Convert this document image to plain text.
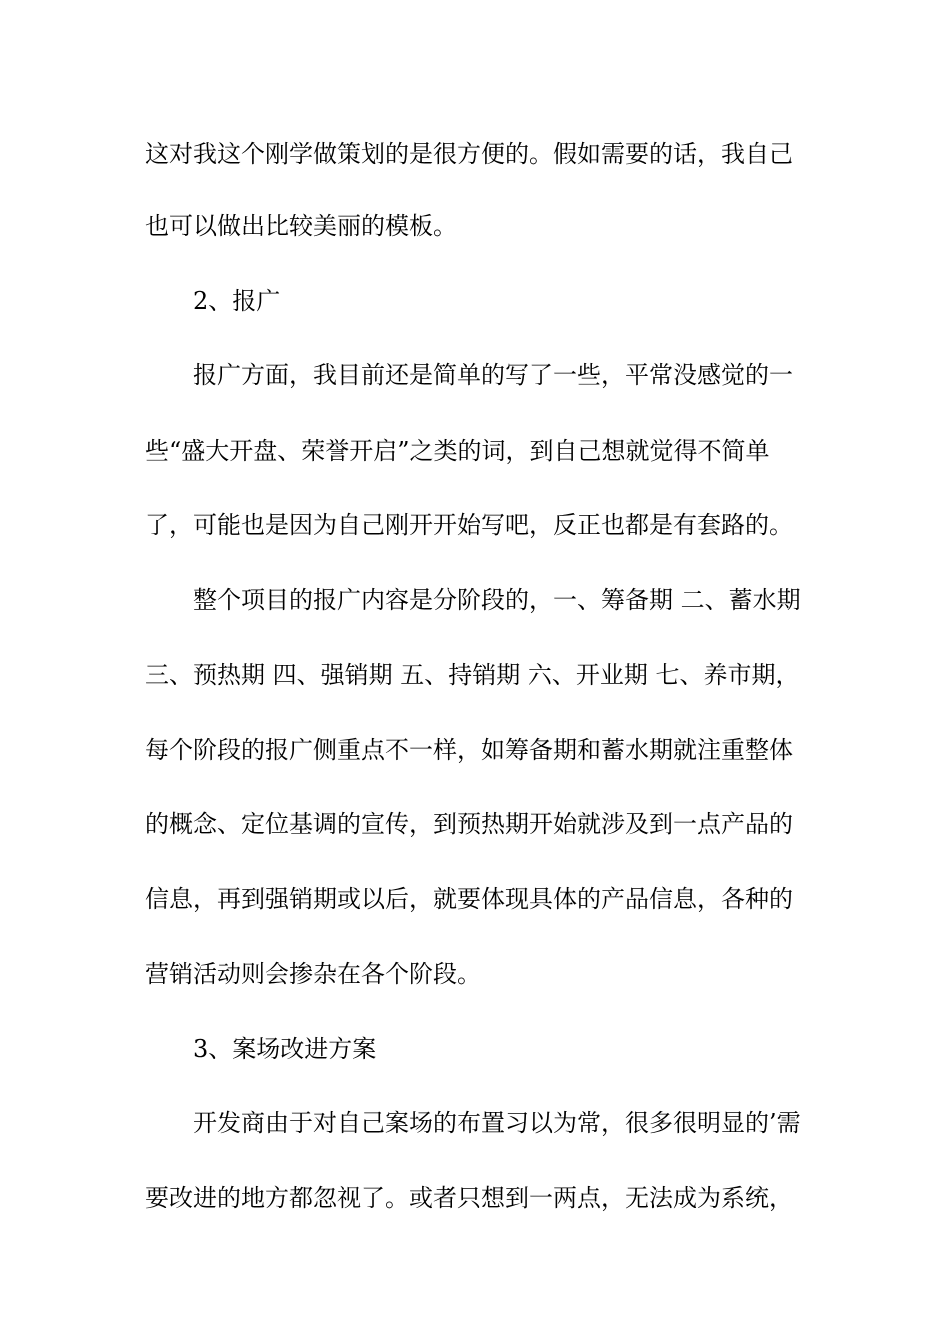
这对我这个刚学做策划的是很方便的。假如需要的话，我自己

也可以做出比较美丽的模板。

2、报广

报广方面，我目前还是简单的写了一些，平常没感觉的一

些“盛大开盘、荣誉开启”之类的词，到自己想就觉得不简单

了，可能也是因为自己刚开开始写吧，反正也都是有套路的。

整个项目的报广内容是分阶段的，一、筹备期 二、蓄水期

三、预热期 四、强销期 五、持销期 六、开业期 七、养市期，

每个阶段的报广侧重点不一样，如筹备期和蓄水期就注重整体

的概念、定位基调的宣传，到预热期开始就涉及到一点产品的

信息，再到强销期或以后，就要体现具体的产品信息，各种的

营销活动则会掺杂在各个阶段。

3、案场改进方案

开发商由于对自己案场的布置习以为常，很多很明显的’需

要改进的地方都忽视了。或者只想到一两点，无法成为系统，
